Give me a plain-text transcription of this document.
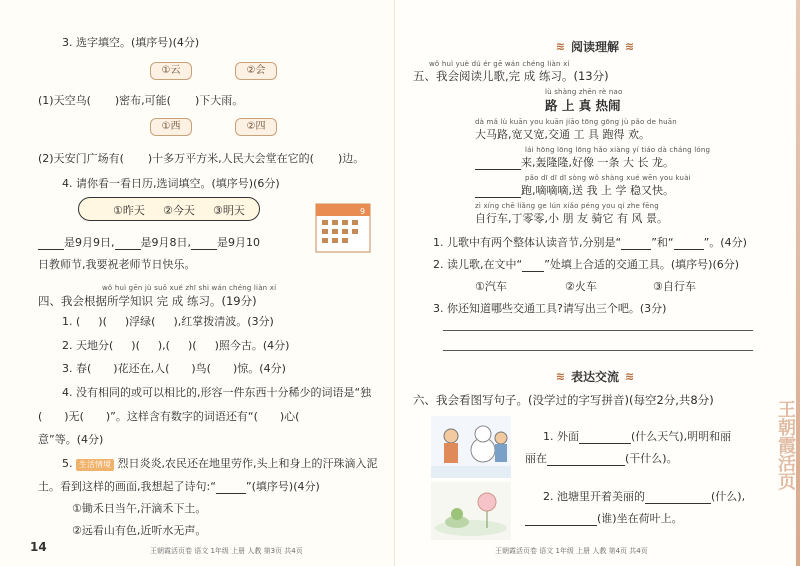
3. 选字填空。(填序号)(4分)
①云	②会
(1)天空乌( )密布,可能( )下大雨。
①西	②四
(2)天安门广场有( )十多万平方米,人民大会堂在它的( )边。
4. 请你看一看日历,选词填空。(填序号)(6分)
①昨天 ②今天 ③明天	9
是9月9日, 是9月8日, 是9月10
日教师节,我要祝老师节日快乐。
wǒ huì gēn jù suǒ xué zhī shi wán chéng liàn xí
四、我会根据所学知识 完 成 练习。(19分)
1. ( )( )浮绿( ),红掌拨清波。(3分)
2. 天地分( )( ),( )( )照今古。(4分)
3. 春( )花还在,人( )鸟( )惊。(4分)
4. 没有相同的或可以相比的,形容一件东西十分稀少的词语是“独
( )无( )”。这样含有数字的词语还有“( )心(
意”等。(4分)
5. 生活情境 烈日炎炎,农民还在地里劳作,头上和身上的汗珠滴入泥
土。看到这样的画面,我想起了诗句:“	”(填序号)(4分)
①锄禾日当午,汗滴禾下土。
②远看山有色,近听水无声。
14	王朝霞活页卷 语文 1年级 上册 人教 第3页 共4页
≋ 阅读理解 ≋
wǒ huì yuè dú ér gē wán chéng liàn xí
五、我会阅读儿歌,完 成 练习。(13分)
lù shàng zhēn rè nao
路 上 真 热闹
dà mǎ lù kuān you kuān jiāo tōng gōng jù pǎo de huān
大马路,宽又宽,交通 工 具 跑得 欢。
lái hōng lōng lōng hǎo xiàng yí tiáo dà cháng lóng
来,轰隆隆,好像 一条 大 长 龙。
pǎo dī dī dī sòng wǒ shàng xué wēn you kuài
跑,嘀嘀嘀,送 我 上 学 稳又快。
zì xíng chē liǎng ge lún xiǎo péng you qí zhe fēng
自行车,丁零零,小 朋 友 骑它 有 风 景。
1. 儿歌中有两个整体认读音节,分别是“	”和“	”。(4分)
2. 读儿歌,在文中“ ”处填上合适的交通工具。(填序号)(6分)
①汽车	②火车	③自行车
3. 你还知道哪些交通工具?请写出三个吧。(3分)
≋ 表达交流 ≋
六、我会看图写句子。(没学过的字写拼音)(每空2分,共8分)
1. 外面	(什么天气),明明和丽
丽在	(干什么)。
2. 池塘里开着美丽的	(什么),
(谁)坐在荷叶上。
王朝霞活页卷 语文 1年级 上册 人教 第4页 共4页
王朝霞活页
